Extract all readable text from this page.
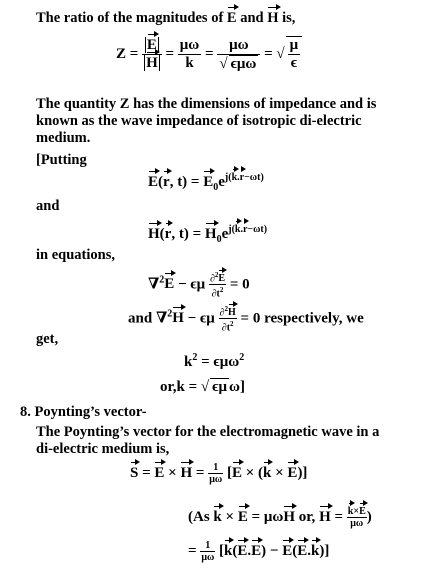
The ratio of the magnitudes of E and H is,
$Z = \frac{E}{H} = \frac{\mu\omega}{k} = \frac{\mu\omega}{\text{√ ϵμω}}$ = √ $\frac{\mu}{\epsilon}$
The quantity Z has the dimensions of impedance and is
known as the wave impedance of isotropic di-electric
medium.
[Putting
E(r, $t) = E_0e^{j(k.r-\omega t)}$
and
H(r, $t) = H_0e^{j(k.r-\omega t)}$
in equations,
∇$^2$E − ϵμ $\frac{\partial^2E}{\partial t^2} = 0$
and ∇$^2$H − ϵμ $\frac{\partial^2H}{\partial t^2} = 0$ respectively, we
get,
$k^2 = \epsilon\mu\omega^2$
or,k = √ ϵμ ω]
8. Poynting’s vector-
The Poynting’s vector for the electromagnetic wave in a
di-electric medium is,
$S = E \times H = \frac{1}{\mu\omega} [E \times (k \times E)]$
(As k × E = μωH or, $H = \frac{k\times E}{\mu\omega}$ )
= $\frac{1}{\mu\omega} [k(E.E) - E(E.k)]$
